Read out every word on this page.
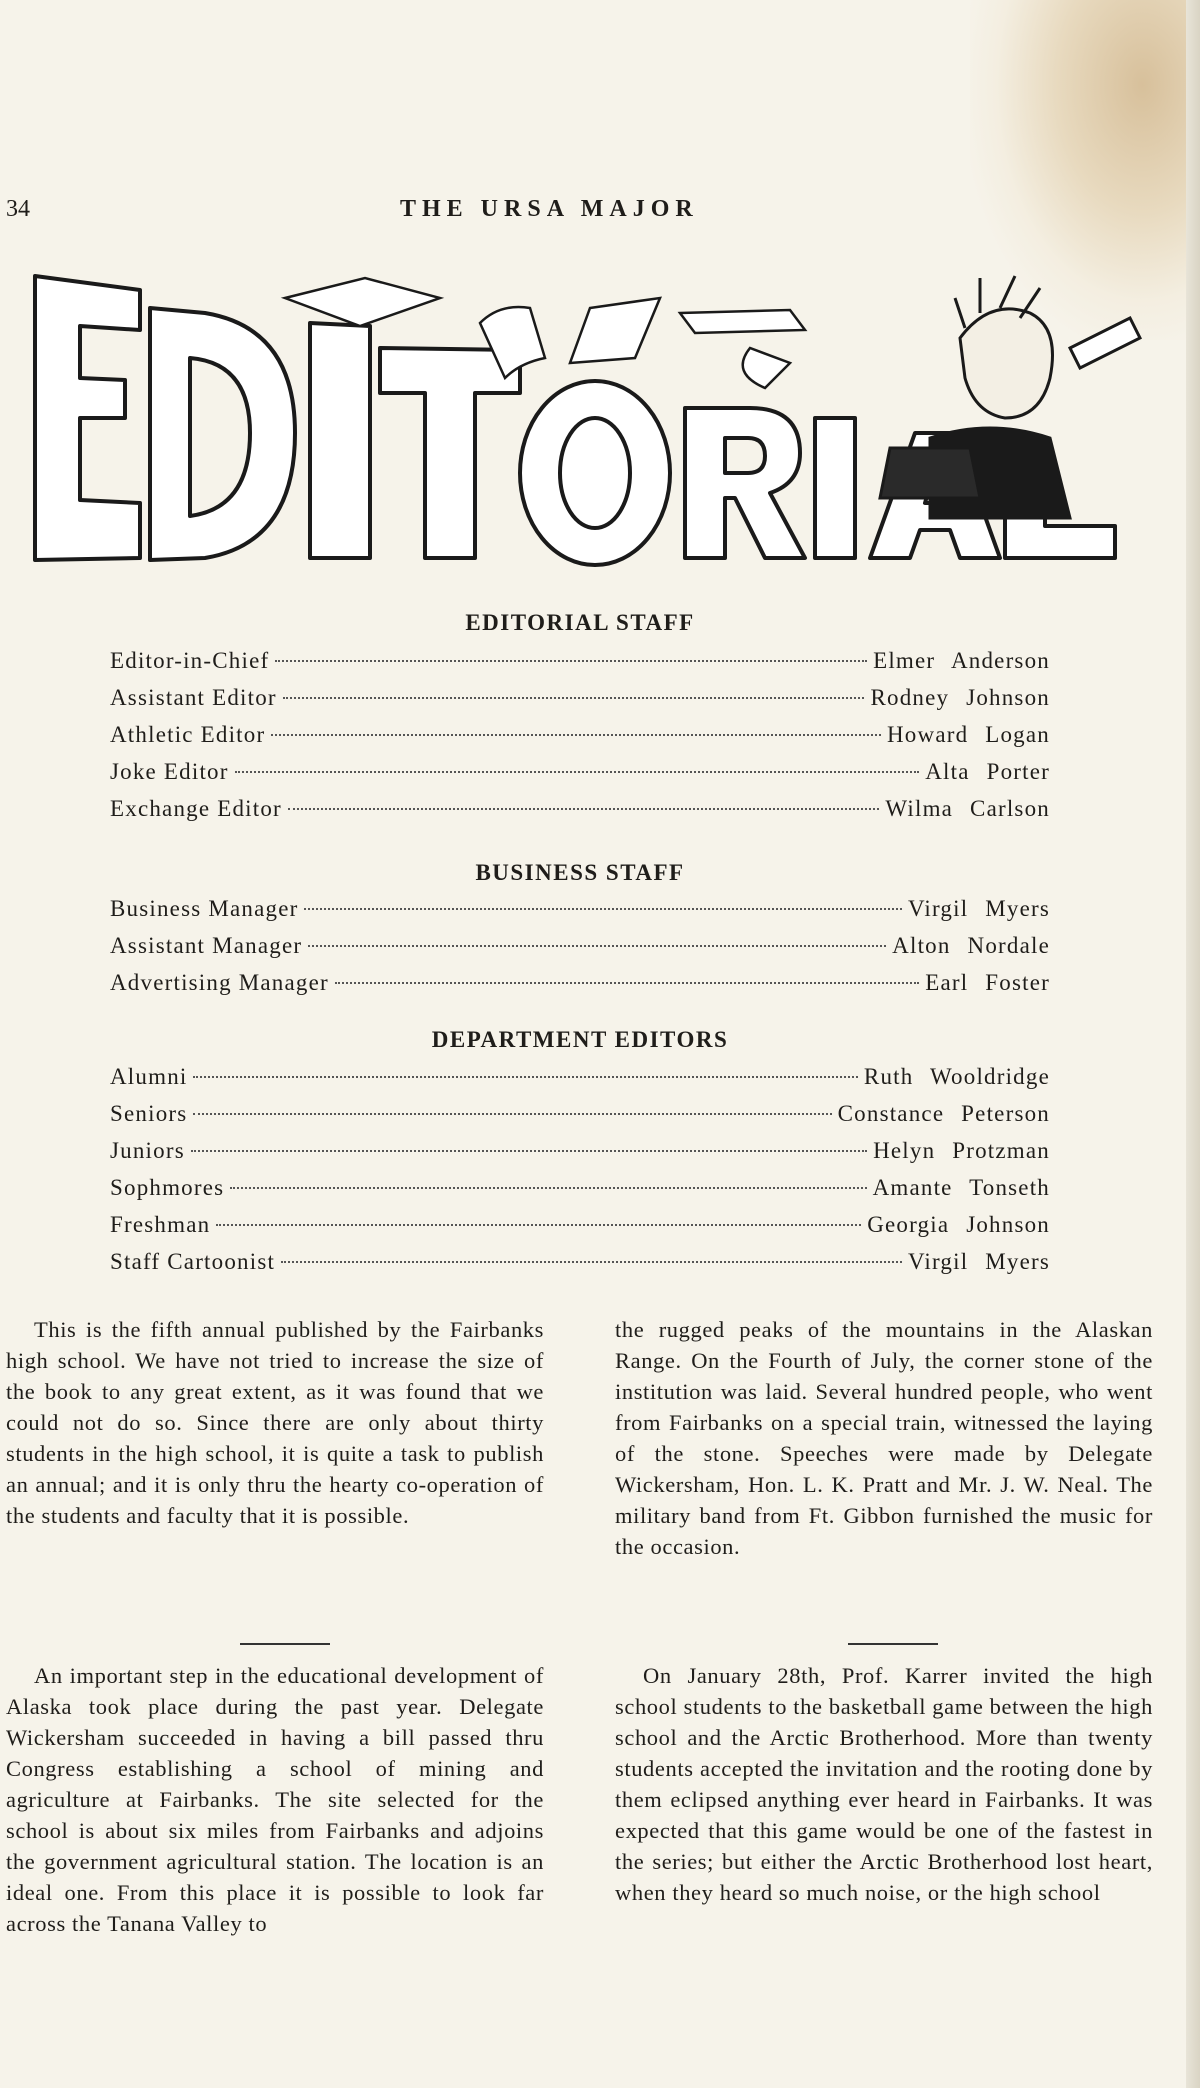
34	THE URSA MAJOR
EDITORIAL STAFF
Editor-in-Chief	Elmer Anderson
Assistant Editor	Rodney Johnson
Athletic Editor	Howard Logan
Joke Editor	Alta Porter
Exchange Editor	Wilma Carlson
BUSINESS STAFF
Business Manager	Virgil Myers
Assistant Manager	Alton Nordale
Advertising Manager	Earl Foster
DEPARTMENT EDITORS
Alumni	Ruth Wooldridge
Seniors	Constance Peterson
Juniors	Helyn Protzman
Sophmores	Amante Tonseth
Freshman	Georgia Johnson
Staff Cartoonist	Virgil Myers

This is the fifth annual published by the Fairbanks high school. We have not tried to increase the size of the book to any great extent, as it was found that we could not do so. Since there are only about thirty students in the high school, it is quite a task to publish an annual; and it is only thru the hearty co-operation of the students and faculty that it is possible.

An important step in the educational development of Alaska took place during the past year. Delegate Wickersham succeeded in having a bill passed thru Congress establishing a school of mining and agriculture at Fairbanks. The site selected for the school is about six miles from Fairbanks and adjoins the government agricultural station. The location is an ideal one. From this place it is possible to look far across the Tanana Valley to

the rugged peaks of the mountains in the Alaskan Range. On the Fourth of July, the corner stone of the institution was laid. Several hundred people, who went from Fairbanks on a special train, witnessed the laying of the stone. Speeches were made by Delegate Wickersham, Hon. L. K. Pratt and Mr. J. W. Neal. The military band from Ft. Gibbon furnished the music for the occasion.

On January 28th, Prof. Karrer invited the high school students to the basketball game between the high school and the Arctic Brotherhood. More than twenty students accepted the invitation and the rooting done by them eclipsed anything ever heard in Fairbanks. It was expected that this game would be one of the fastest in the series; but either the Arctic Brotherhood lost heart, when they heard so much noise, or the high school
